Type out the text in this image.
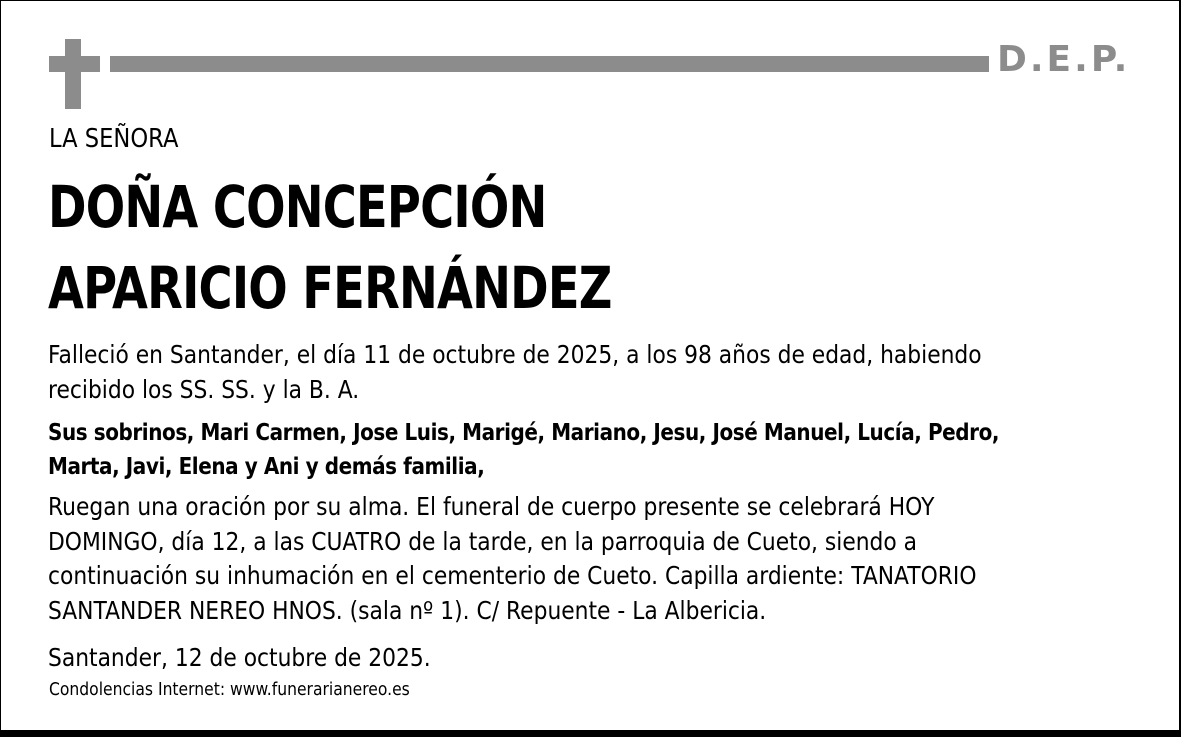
D.E.P.
LA SEÑORA
DOÑA CONCEPCIÓN
APARICIO FERNÁNDEZ
Falleció en Santander, el día 11 de octubre de 2025, a los 98 años de edad, habiendo
recibido los SS. SS. y la B. A.
Sus sobrinos, Mari Carmen, Jose Luis, Marigé, Mariano, Jesu, José Manuel, Lucía, Pedro,
Marta, Javi, Elena y Ani y demás familia,
Ruegan una oración por su alma. El funeral de cuerpo presente se celebrará HOY
DOMINGO, día 12, a las CUATRO de la tarde, en la parroquia de Cueto, siendo a
continuación su inhumación en el cementerio de Cueto. Capilla ardiente: TANATORIO
SANTANDER NEREO HNOS. (sala nº 1). C/ Repuente - La Albericia.
Santander, 12 de octubre de 2025.
Condolencias Internet: www.funerarianereo.es
